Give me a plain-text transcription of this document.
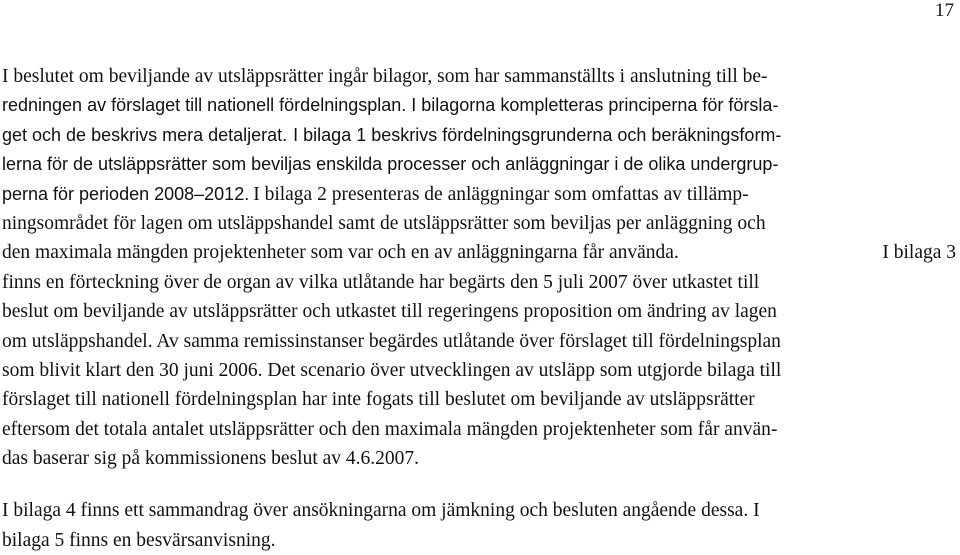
17
I beslutet om beviljande av utsläppsrätter ingår bilagor, som har sammanställts i anslutning till be-
redningen av förslaget till nationell fördelningsplan. I bilagorna kompletteras principerna för försla-
get och de beskrivs mera detaljerat. I bilaga 1 beskrivs fördelningsgrunderna och beräkningsform-
lerna för de utsläppsrätter som beviljas enskilda processer och anläggningar i de olika undergrup-
perna för perioden 2008–2012. I bilaga 2 presenteras de anläggningar som omfattas av tillämp-
ningsområdet för lagen om utsläppshandel samt de utsläppsrätter som beviljas per anläggning och
den maximala mängden projektenheter som var och en av anläggningarna får använda.	I bilaga 3
finns en förteckning över de organ av vilka utlåtande har begärts den 5 juli 2007 över utkastet till
beslut om beviljande av utsläppsrätter och utkastet till regeringens proposition om ändring av lagen
om utsläppshandel. Av samma remissinstanser begärdes utlåtande över förslaget till fördelningsplan
som blivit klart den 30 juni 2006. Det scenario över utvecklingen av utsläpp som utgjorde bilaga till
förslaget till nationell fördelningsplan har inte fogats till beslutet om beviljande av utsläppsrätter
eftersom det totala antalet utsläppsrätter och den maximala mängden projektenheter som får använ-
das baserar sig på kommissionens beslut av 4.6.2007.
I bilaga 4 finns ett sammandrag över ansökningarna om jämkning och besluten angående dessa. I
bilaga 5 finns en besvärsanvisning.
